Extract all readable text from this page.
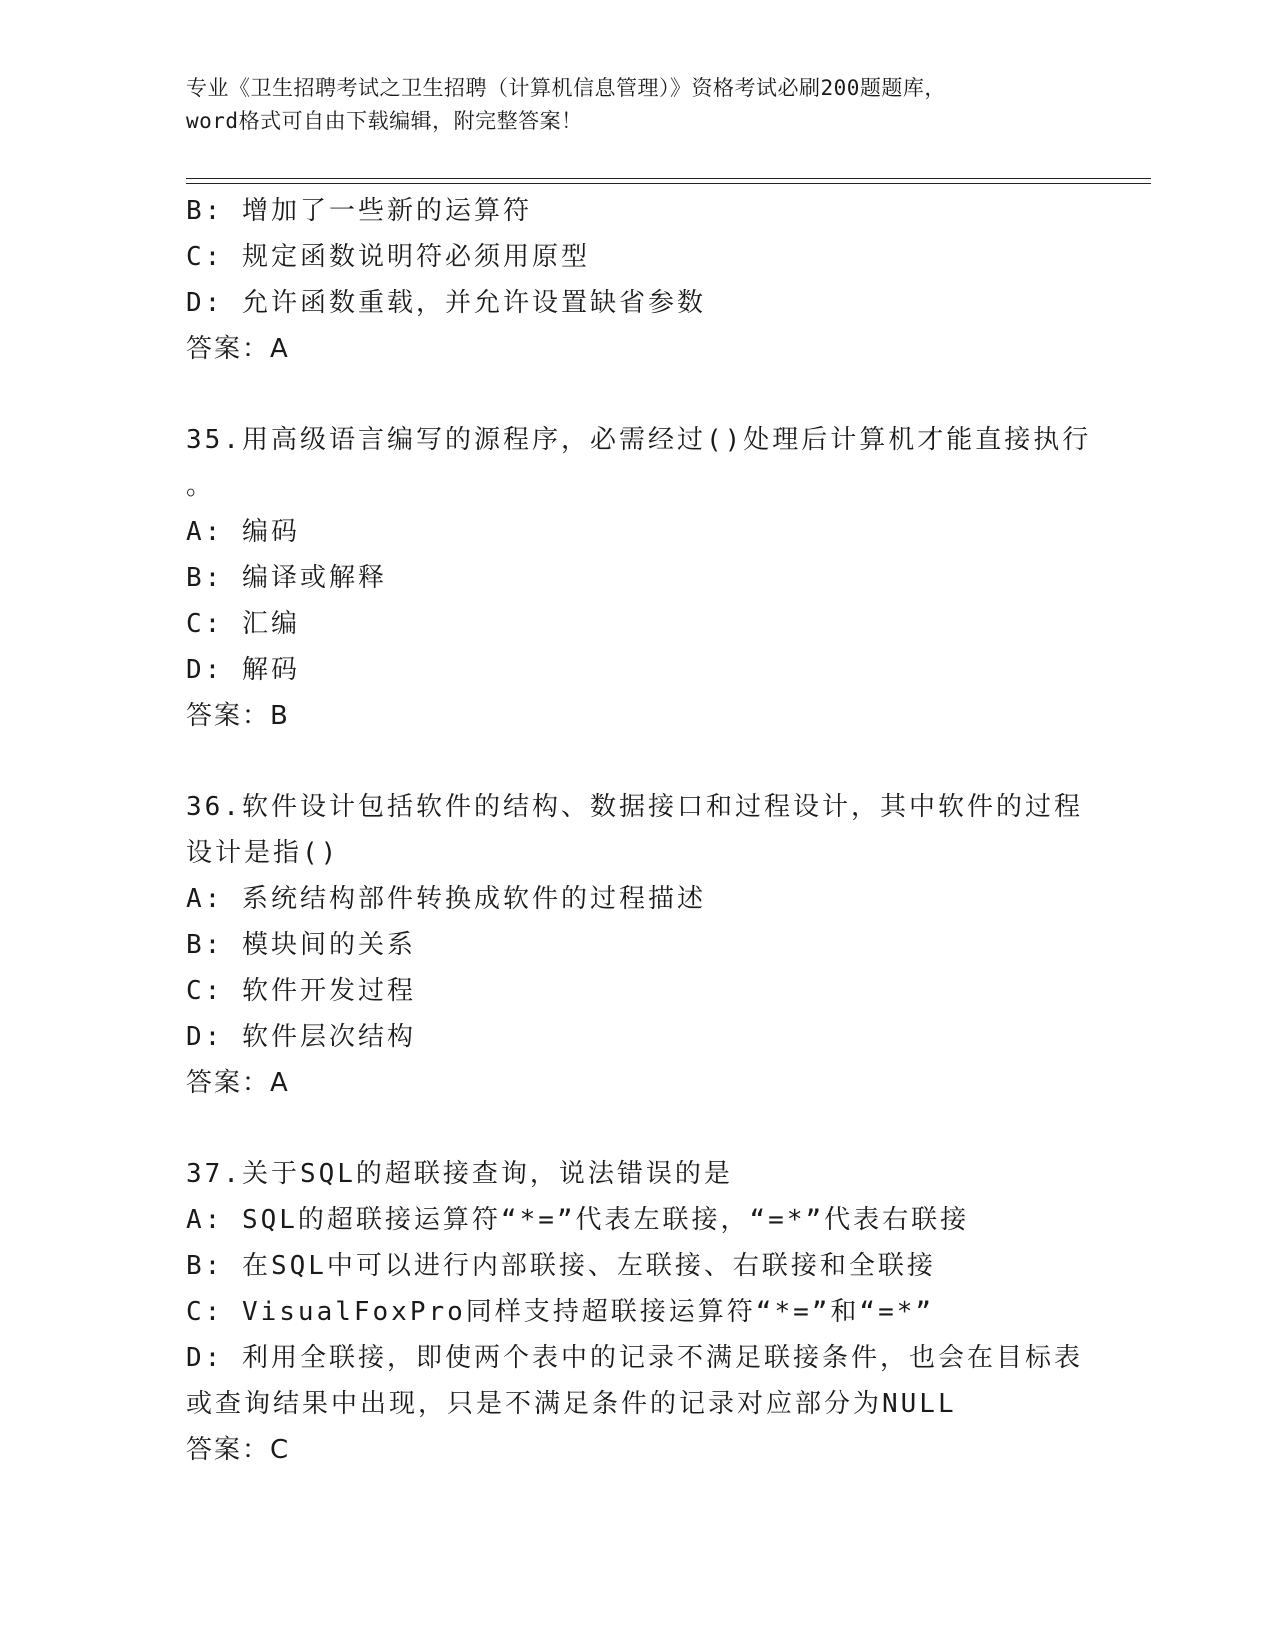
专业《卫生招聘考试之卫生招聘（计算机信息管理）》资格考试必刷200题题库，
word格式可自由下载编辑，附完整答案！
B: 增加了一些新的运算符
C: 规定函数说明符必须用原型
D: 允许函数重载，并允许设置缺省参数
答案：A
35.用高级语言编写的源程序，必需经过()处理后计算机才能直接执行
。
A: 编码
B: 编译或解释
C: 汇编
D: 解码
答案：B
36.软件设计包括软件的结构、数据接口和过程设计，其中软件的过程
设计是指()
A: 系统结构部件转换成软件的过程描述
B: 模块间的关系
C: 软件开发过程
D: 软件层次结构
答案：A
37.关于SQL的超联接查询，说法错误的是
A: SQL的超联接运算符“*=”代表左联接，“=*”代表右联接
B: 在SQL中可以进行内部联接、左联接、右联接和全联接
C: VisualFoxPro同样支持超联接运算符“*=”和“=*”
D: 利用全联接，即使两个表中的记录不满足联接条件，也会在目标表
或查询结果中出现，只是不满足条件的记录对应部分为NULL
答案：C
